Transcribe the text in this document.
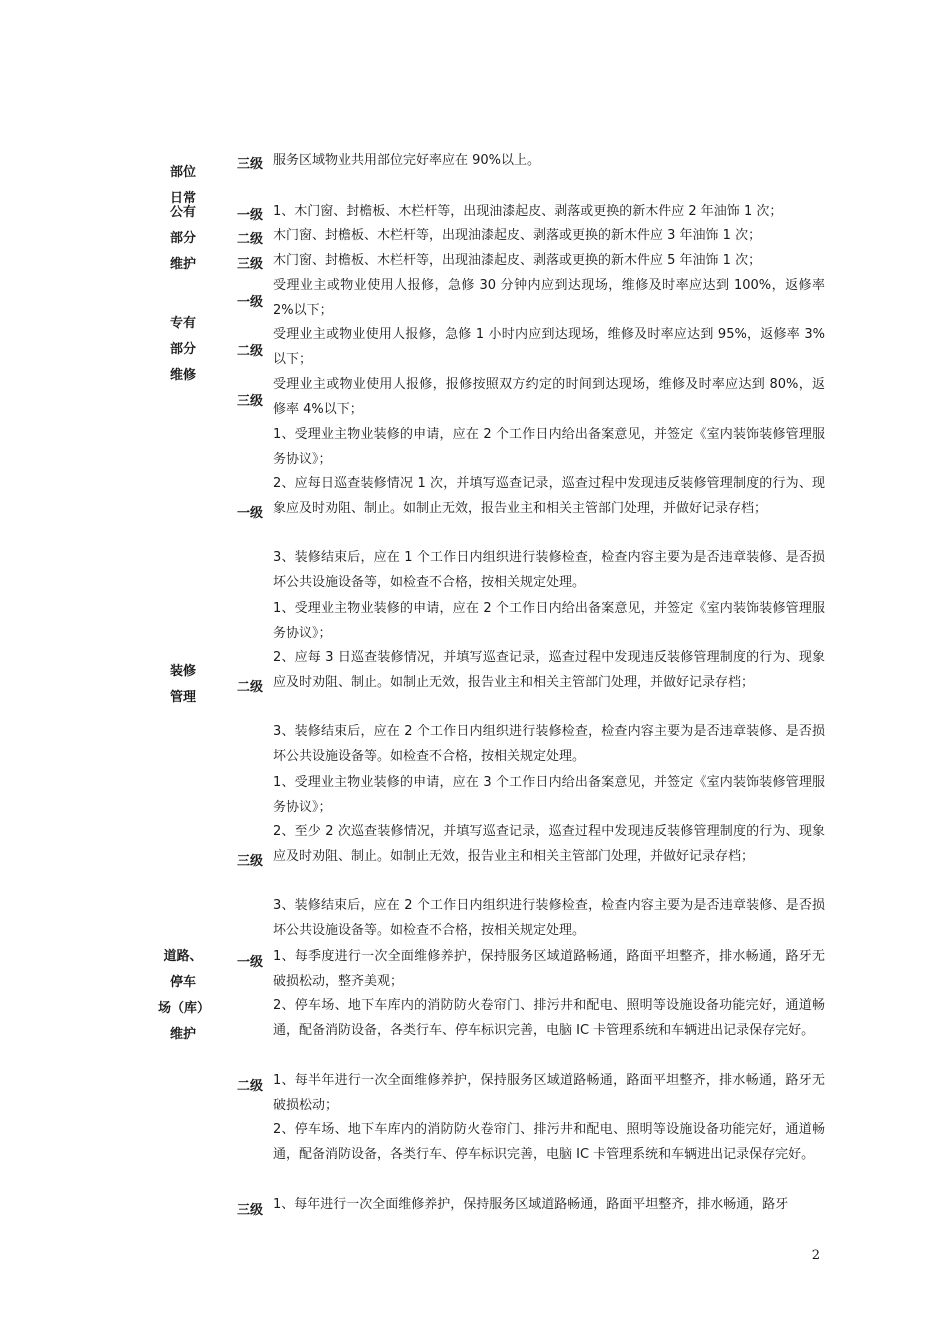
部位
日常
公有
部分
维护
专有
部分
维修
装修
管理
道路、
停车
场（库）
维护
三级
一级
二级
三级
一级
二级
三级
一级
二级
三级
一级
二级
三级
服务区域物业共用部位完好率应在 90%以上。
1、木门窗、封檐板、木栏杆等，出现油漆起皮、剥落或更换的新木件应 2 年油饰 1 次；
木门窗、封檐板、木栏杆等，出现油漆起皮、剥落或更换的新木件应 3 年油饰 1 次；
木门窗、封檐板、木栏杆等，出现油漆起皮、剥落或更换的新木件应 5 年油饰 1 次；
受理业主或物业使用人报修，急修 30 分钟内应到达现场，维修及时率应达到 100%，返修率 2%以下；
受理业主或物业使用人报修，急修 1 小时内应到达现场，维修及时率应达到 95%，返修率 3%以下；
受理业主或物业使用人报修，报修按照双方约定的时间到达现场，维修及时率应达到 80%，返修率 4%以下；
1、受理业主物业装修的申请，应在 2 个工作日内给出备案意见，并签定《室内装饰装修管理服务协议》；
2、应每日巡查装修情况 1 次，并填写巡查记录，巡查过程中发现违反装修管理制度的行为、现象应及时劝阻、制止。如制止无效，报告业主和相关主管部门处理，并做好记录存档；
3、装修结束后，应在 1 个工作日内组织进行装修检查，检查内容主要为是否违章装修、是否损坏公共设施设备等，如检查不合格，按相关规定处理。
1、受理业主物业装修的申请，应在 2 个工作日内给出备案意见，并签定《室内装饰装修管理服务协议》；
2、应每 3 日巡查装修情况，并填写巡查记录，巡查过程中发现违反装修管理制度的行为、现象应及时劝阻、制止。如制止无效，报告业主和相关主管部门处理，并做好记录存档；
3、装修结束后，应在 2 个工作日内组织进行装修检查，检查内容主要为是否违章装修、是否损坏公共设施设备等。如检查不合格，按相关规定处理。
1、受理业主物业装修的申请，应在 3 个工作日内给出备案意见，并签定《室内装饰装修管理服务协议》；
2、至少 2 次巡查装修情况，并填写巡查记录，巡查过程中发现违反装修管理制度的行为、现象应及时劝阻、制止。如制止无效，报告业主和相关主管部门处理，并做好记录存档；
3、装修结束后，应在 2 个工作日内组织进行装修检查，检查内容主要为是否违章装修、是否损坏公共设施设备等。如检查不合格，按相关规定处理。
1、每季度进行一次全面维修养护，保持服务区域道路畅通，路面平坦整齐，排水畅通，路牙无破损松动，整齐美观；
2、停车场、地下车库内的消防防火卷帘门、排污井和配电、照明等设施设备功能完好，通道畅通，配备消防设备，各类行车、停车标识完善，电脑 IC 卡管理系统和车辆进出记录保存完好。
1、每半年进行一次全面维修养护，保持服务区域道路畅通，路面平坦整齐，排水畅通，路牙无破损松动；
2、停车场、地下车库内的消防防火卷帘门、排污井和配电、照明等设施设备功能完好，通道畅通，配备消防设备，各类行车、停车标识完善，电脑 IC 卡管理系统和车辆进出记录保存完好。
1、每年进行一次全面维修养护，保持服务区域道路畅通，路面平坦整齐，排水畅通，路牙
2
